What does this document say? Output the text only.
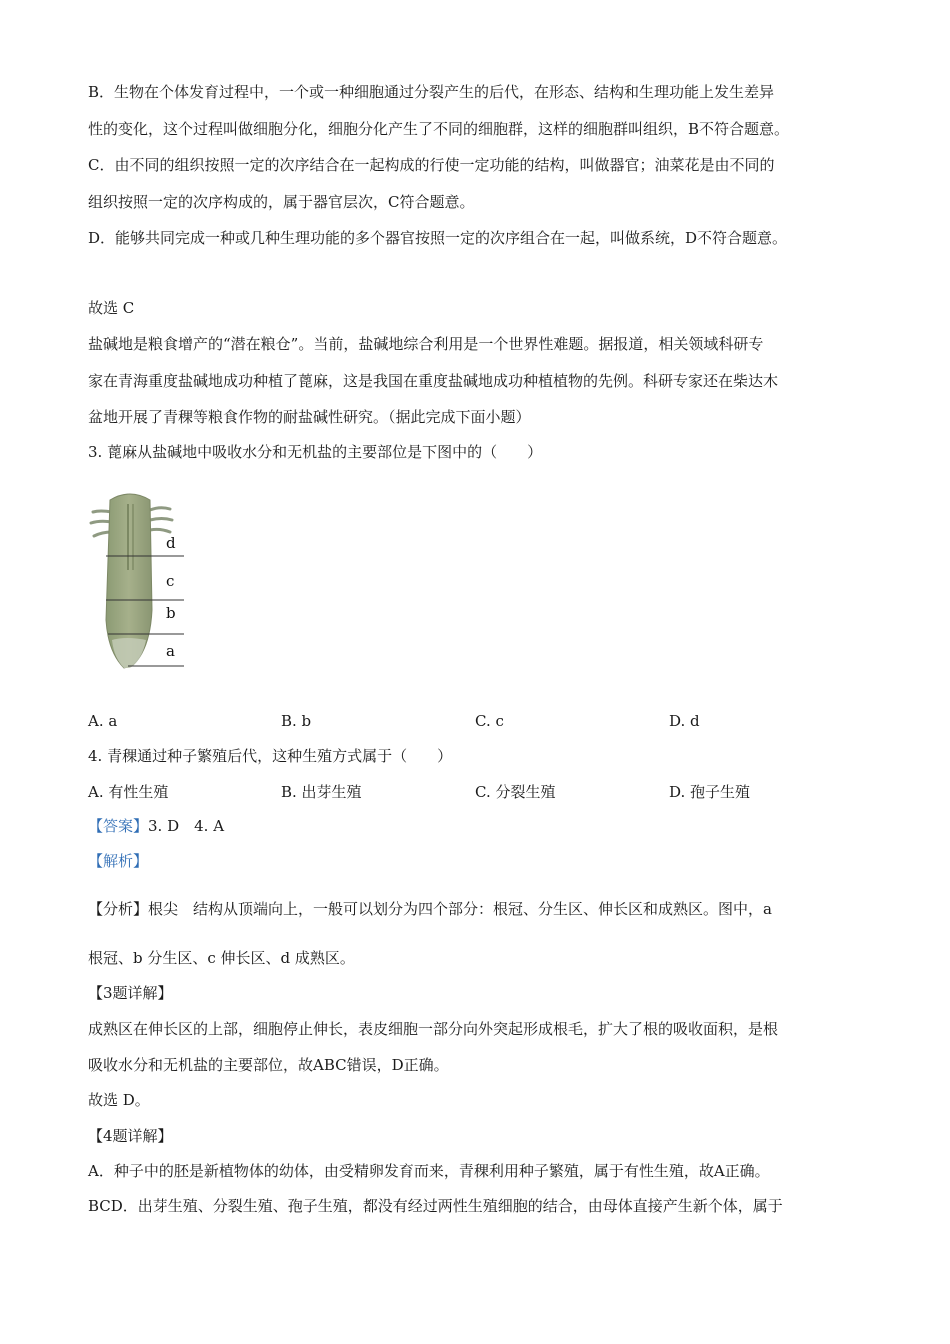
B．生物在个体发育过程中，一个或一种细胞通过分裂产生的后代，在形态、结构和生理功能上发生差异
性的变化，这个过程叫做细胞分化，细胞分化产生了不同的细胞群，这样的细胞群叫组织，B不符合题意。
C．由不同的组织按照一定的次序结合在一起构成的行使一定功能的结构，叫做器官；油菜花是由不同的
组织按照一定的次序构成的，属于器官层次，C符合题意。
D．能够共同完成一种或几种生理功能的多个器官按照一定的次序组合在一起，叫做系统，D不符合题意。
故选 C
盐碱地是粮食增产的“潜在粮仓”。当前，盐碱地综合利用是一个世界性难题。据报道，相关领域科研专
家在青海重度盐碱地成功种植了蓖麻，这是我国在重度盐碱地成功种植植物的先例。科研专家还在柴达木
盆地开展了青稞等粮食作物的耐盐碱性研究。（据此完成下面小题）
3. 蓖麻从盐碱地中吸收水分和无机盐的主要部位是下图中的（　　）
d
c
b
a
A. a	B. b	C. c	D. d
4. 青稞通过种子繁殖后代，这种生殖方式属于（　　）
A. 有性生殖	B. 出芽生殖	C. 分裂生殖	D. 孢子生殖
【答案】3. D　4. A
【解析】
【分析】根尖　结构从顶端向上，一般可以划分为四个部分：根冠、分生区、伸长区和成熟区。图中，a
根冠、b 分生区、c 伸长区、d 成熟区。
【3题详解】
成熟区在伸长区的上部，细胞停止伸长，表皮细胞一部分向外突起形成根毛，扩大了根的吸收面积，是根
吸收水分和无机盐的主要部位，故ABC错误，D正确。
故选 D。
【4题详解】
A．种子中的胚是新植物体的幼体，由受精卵发育而来，青稞利用种子繁殖，属于有性生殖，故A正确。
BCD．出芽生殖、分裂生殖、孢子生殖，都没有经过两性生殖细胞的结合，由母体直接产生新个体，属于
